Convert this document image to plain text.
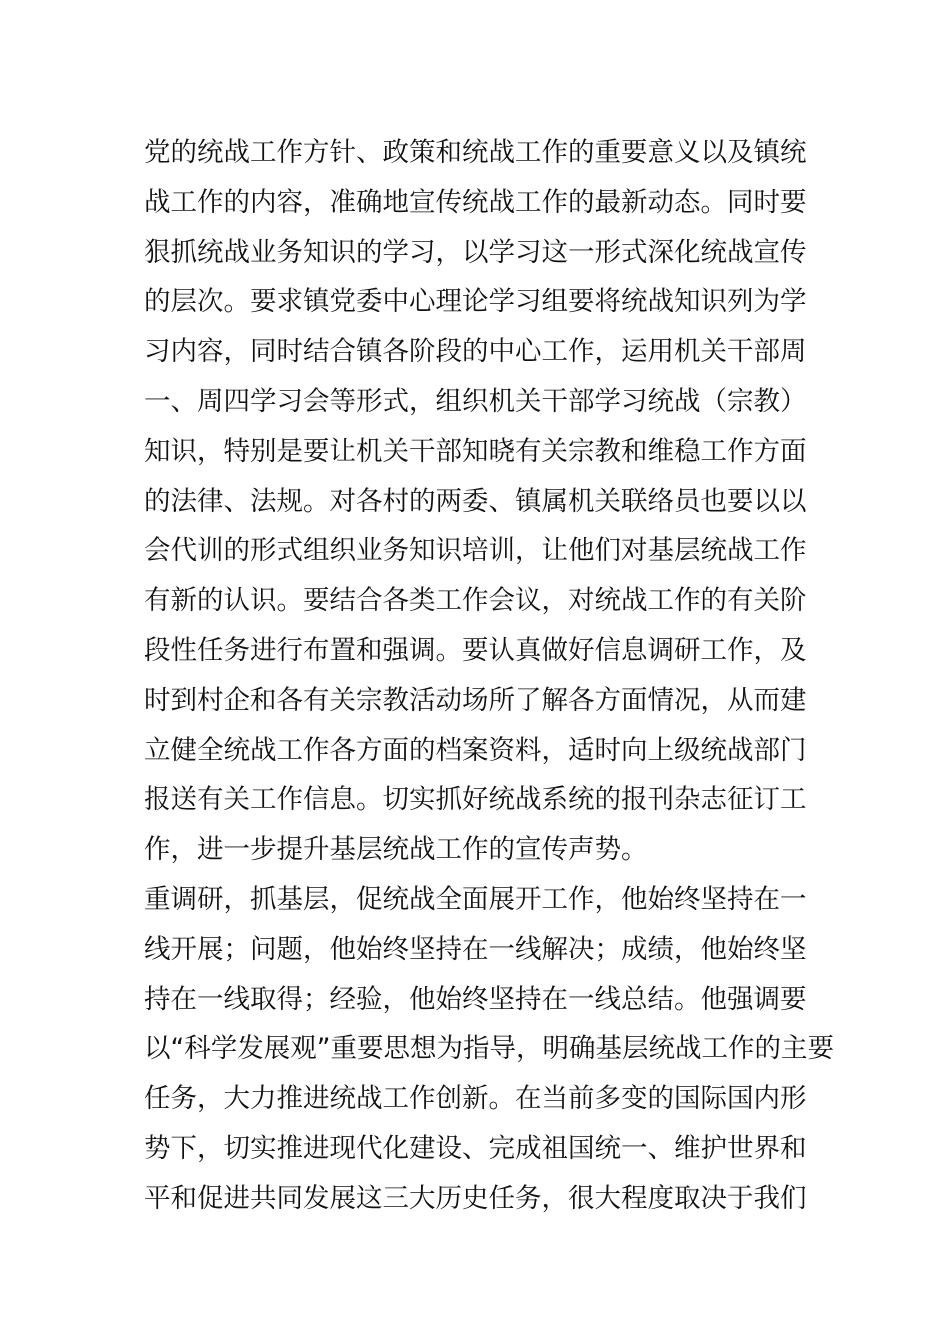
党的统战工作方针、政策和统战工作的重要意义以及镇统
战工作的内容，准确地宣传统战工作的最新动态。同时要
狠抓统战业务知识的学习，以学习这一形式深化统战宣传
的层次。要求镇党委中心理论学习组要将统战知识列为学
习内容，同时结合镇各阶段的中心工作，运用机关干部周
一、周四学习会等形式，组织机关干部学习统战（宗教）
知识，特别是要让机关干部知晓有关宗教和维稳工作方面
的法律、法规。对各村的两委、镇属机关联络员也要以以
会代训的形式组织业务知识培训，让他们对基层统战工作
有新的认识。要结合各类工作会议，对统战工作的有关阶
段性任务进行布置和强调。要认真做好信息调研工作，及
时到村企和各有关宗教活动场所了解各方面情况，从而建
立健全统战工作各方面的档案资料，适时向上级统战部门
报送有关工作信息。切实抓好统战系统的报刊杂志征订工
作，进一步提升基层统战工作的宣传声势。
重调研，抓基层，促统战全面展开工作，他始终坚持在一
线开展；问题，他始终坚持在一线解决；成绩，他始终坚
持在一线取得；经验，他始终坚持在一线总结。他强调要
以“科学发展观”重要思想为指导，明确基层统战工作的主要
任务，大力推进统战工作创新。在当前多变的国际国内形
势下，切实推进现代化建设、完成祖国统一、维护世界和
平和促进共同发展这三大历史任务，很大程度取决于我们
